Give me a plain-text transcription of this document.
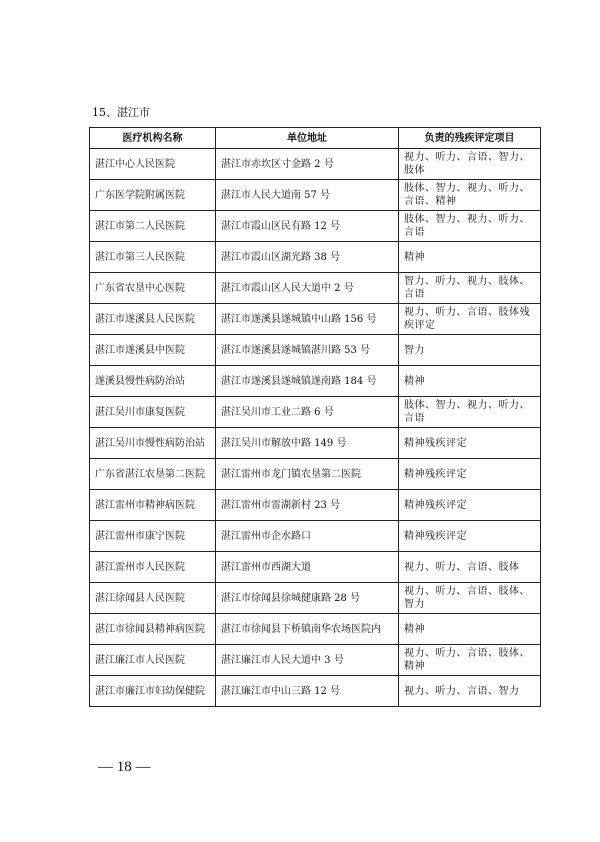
15、湛江市
医疗机构名称	单位地址	负责的残疾评定项目
湛江中心人民医院	湛江市赤坎区寸金路 2 号	视力、听力、言语、智力、肢体
广东医学院附属医院	湛江市人民大道南 57 号	肢体、智力、视力、听力、言语、精神
湛江市第二人民医院	湛江市霞山区民有路 12 号	肢体、智力、视力、听力、言语
湛江市第三人民医院	湛江市霞山区湖光路 38 号	精神
广东省农垦中心医院	湛江市霞山区人民大道中 2 号	智力、听力、视力、肢体、言语
湛江市遂溪县人民医院	湛江市遂溪县遂城镇中山路 156 号	视力、听力、言语、肢体残疾评定
湛江市遂溪县中医院	湛江市遂溪县遂城镇湛川路 53 号	智力
遂溪县慢性病防治站	湛江市遂溪县遂城镇遂南路 184 号	精神
湛江吴川市康复医院	湛江吴川市工业二路 6 号	肢体、智力、视力、听力、言语
湛江吴川市慢性病防治站	湛江吴川市解放中路 149 号	精神残疾评定
广东省湛江农垦第二医院	湛江雷州市龙门镇农垦第二医院	精神残疾评定
湛江雷州市精神病医院	湛江雷州市雷湖新村 23 号	精神残疾评定
湛江雷州市康宁医院	湛江雷州市企水路口	精神残疾评定
湛江雷州市人民医院	湛江雷州市西湖大道	视力、听力、言语、肢体
湛江徐闻县人民医院	湛江市徐闻县徐城健康路 28 号	视力、听力、言语、肢体、智力
湛江市徐闻县精神病医院	湛江市徐闻县下桥镇南华农场医院内	精神
湛江廉江市人民医院	湛江廉江市人民大道中 3 号	视力、听力、言语、肢体、精神
湛江市廉江市妇幼保健院	湛江廉江市中山三路 12 号	视力、听力、言语、智力
— 18 —
